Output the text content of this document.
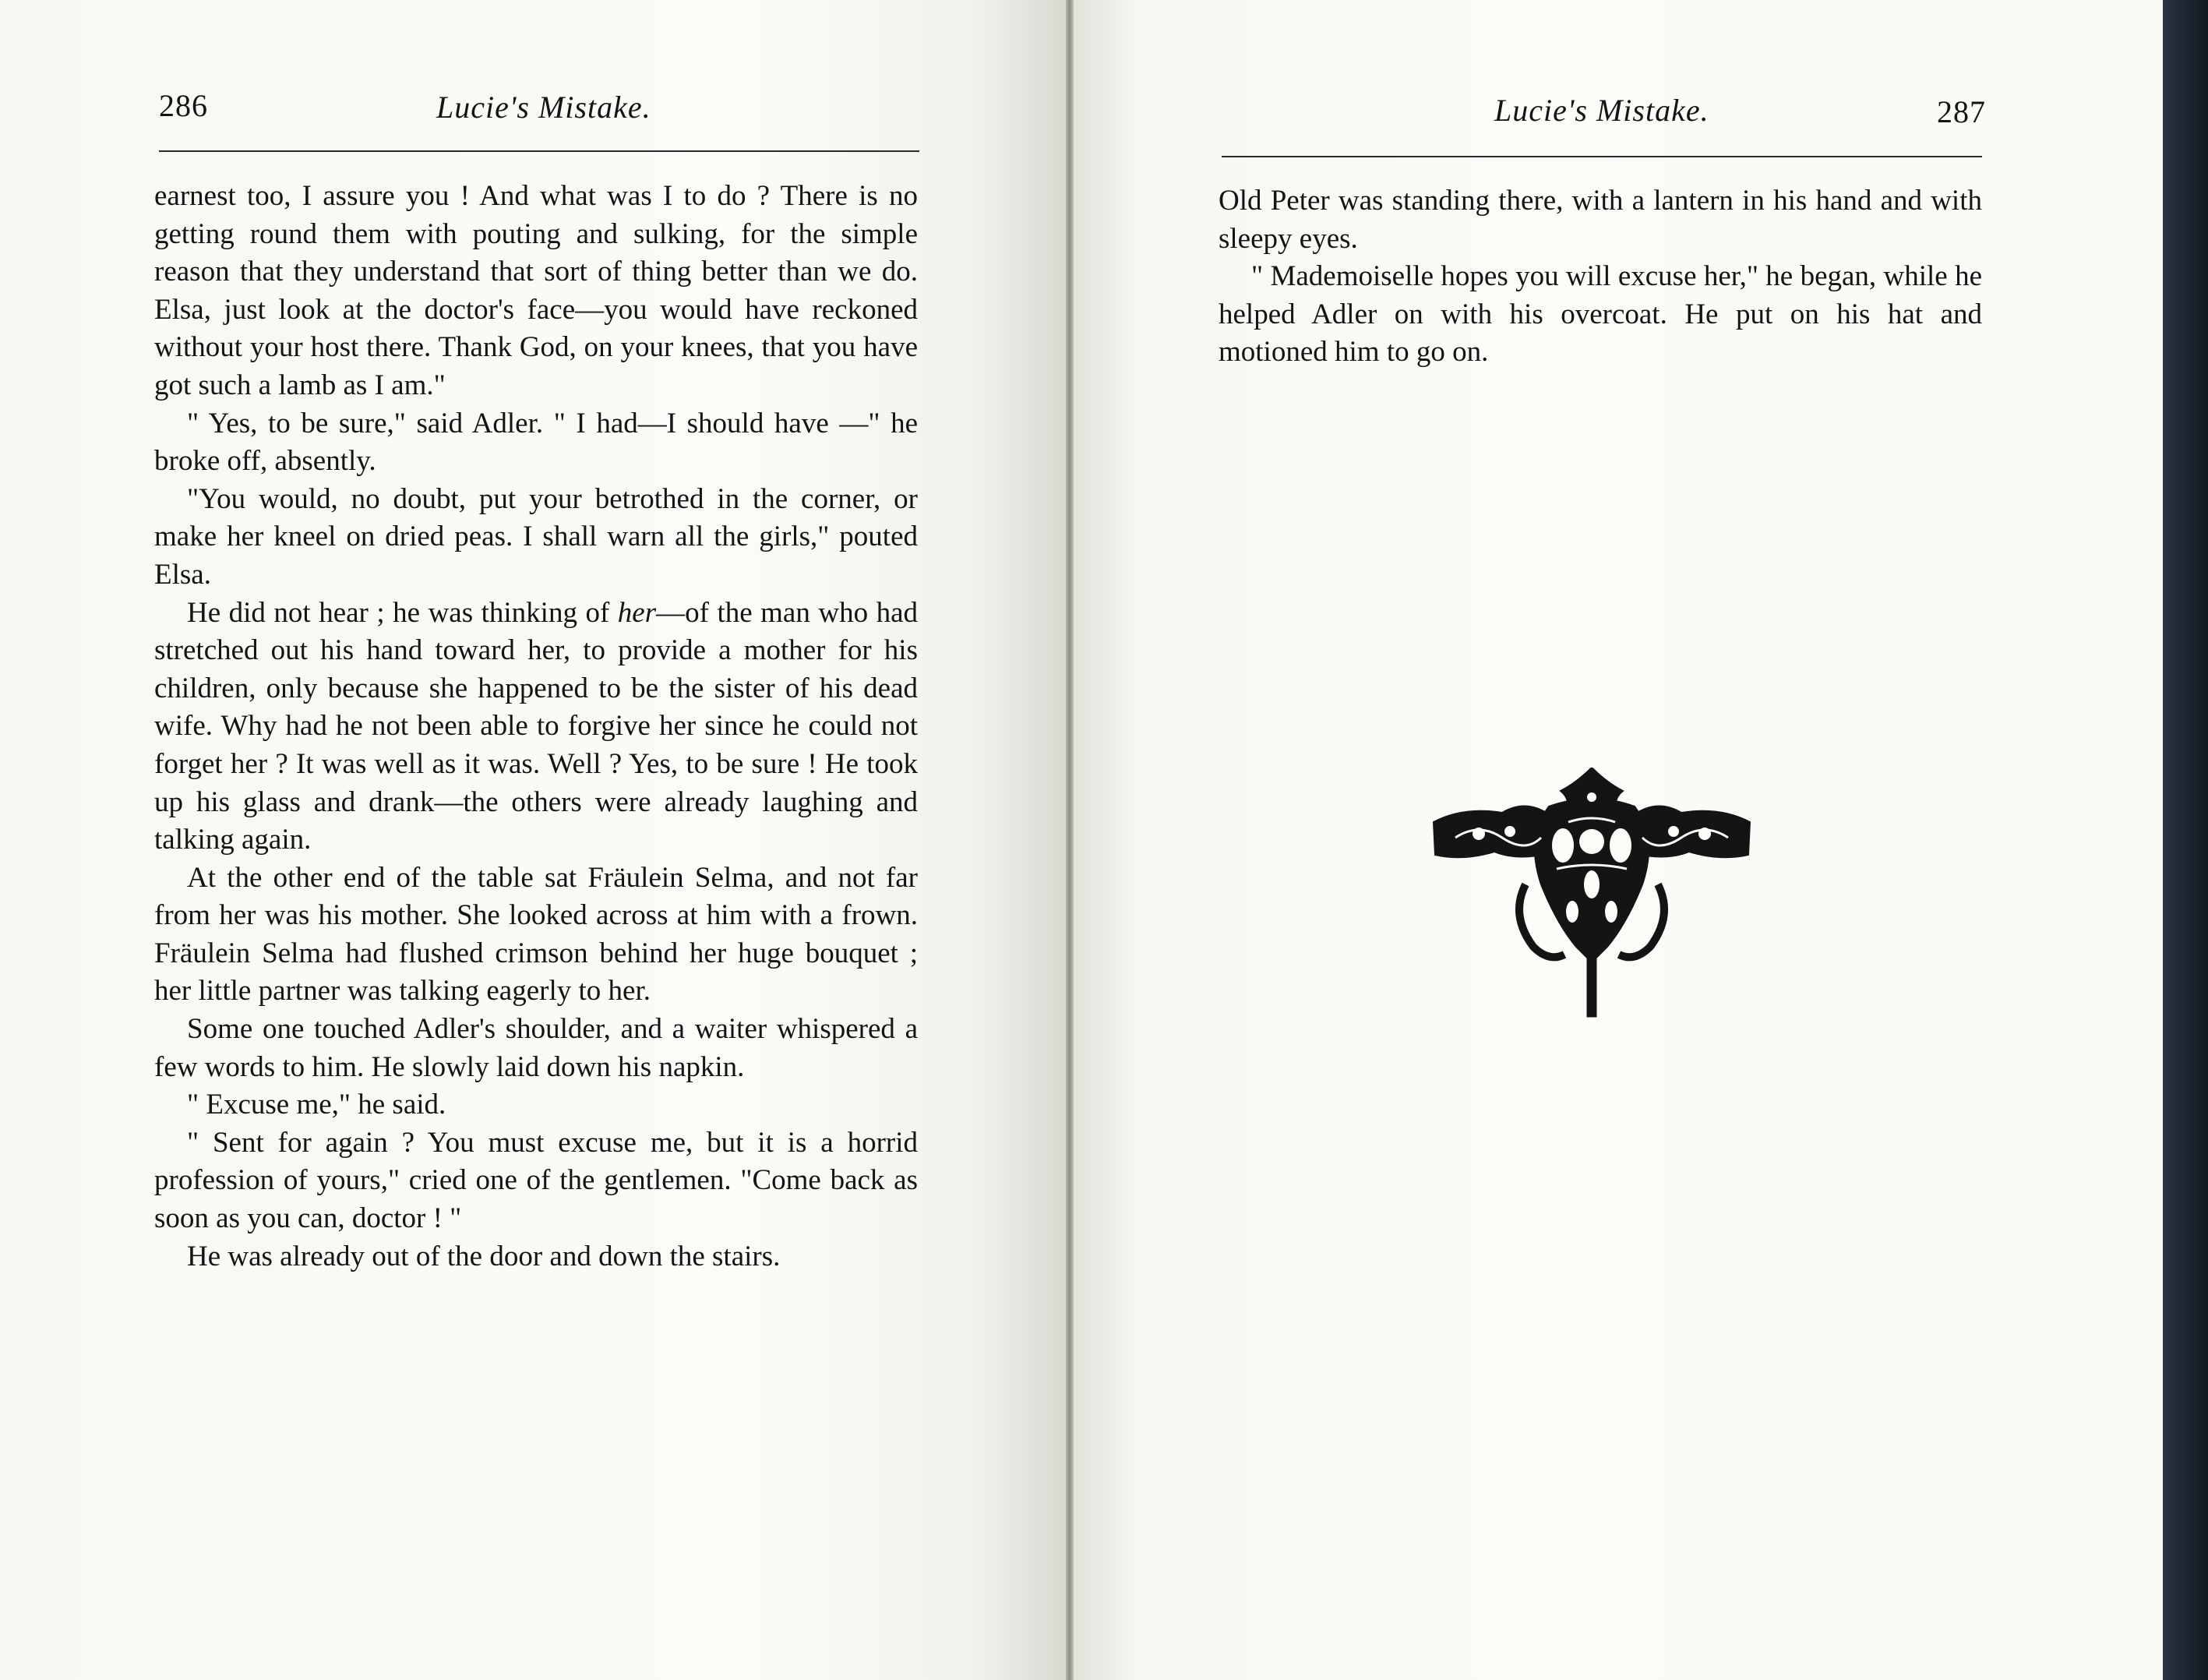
286	Lucie's Mistake.

earnest too, I assure you ! And what was I to do ? There is no getting round them with pouting and sulking, for the simple reason that they understand that sort of thing better than we do. Elsa, just look at the doctor's face—you would have reckoned without your host there. Thank God, on your knees, that you have got such a lamb as I am."

" Yes, to be sure," said Adler. " I had—I should have —" he broke off, absently.

"You would, no doubt, put your betrothed in the corner, or make her kneel on dried peas. I shall warn all the girls," pouted Elsa.

He did not hear ; he was thinking of her—of the man who had stretched out his hand toward her, to provide a mother for his children, only because she happened to be the sister of his dead wife. Why had he not been able to forgive her since he could not forget her ? It was well as it was. Well ? Yes, to be sure ! He took up his glass and drank—the others were already laughing and talking again.

At the other end of the table sat Fräulein Selma, and not far from her was his mother. She looked across at him with a frown. Fräulein Selma had flushed crimson behind her huge bouquet ; her little partner was talking eagerly to her.

Some one touched Adler's shoulder, and a waiter whispered a few words to him. He slowly laid down his napkin.

" Excuse me," he said.

" Sent for again ? You must excuse me, but it is a horrid profession of yours," cried one of the gentlemen. "Come back as soon as you can, doctor ! "

He was already out of the door and down the stairs.

Lucie's Mistake.	287

Old Peter was standing there, with a lantern in his hand and with sleepy eyes.

" Mademoiselle hopes you will excuse her," he began, while he helped Adler on with his overcoat. He put on his hat and motioned him to go on.
